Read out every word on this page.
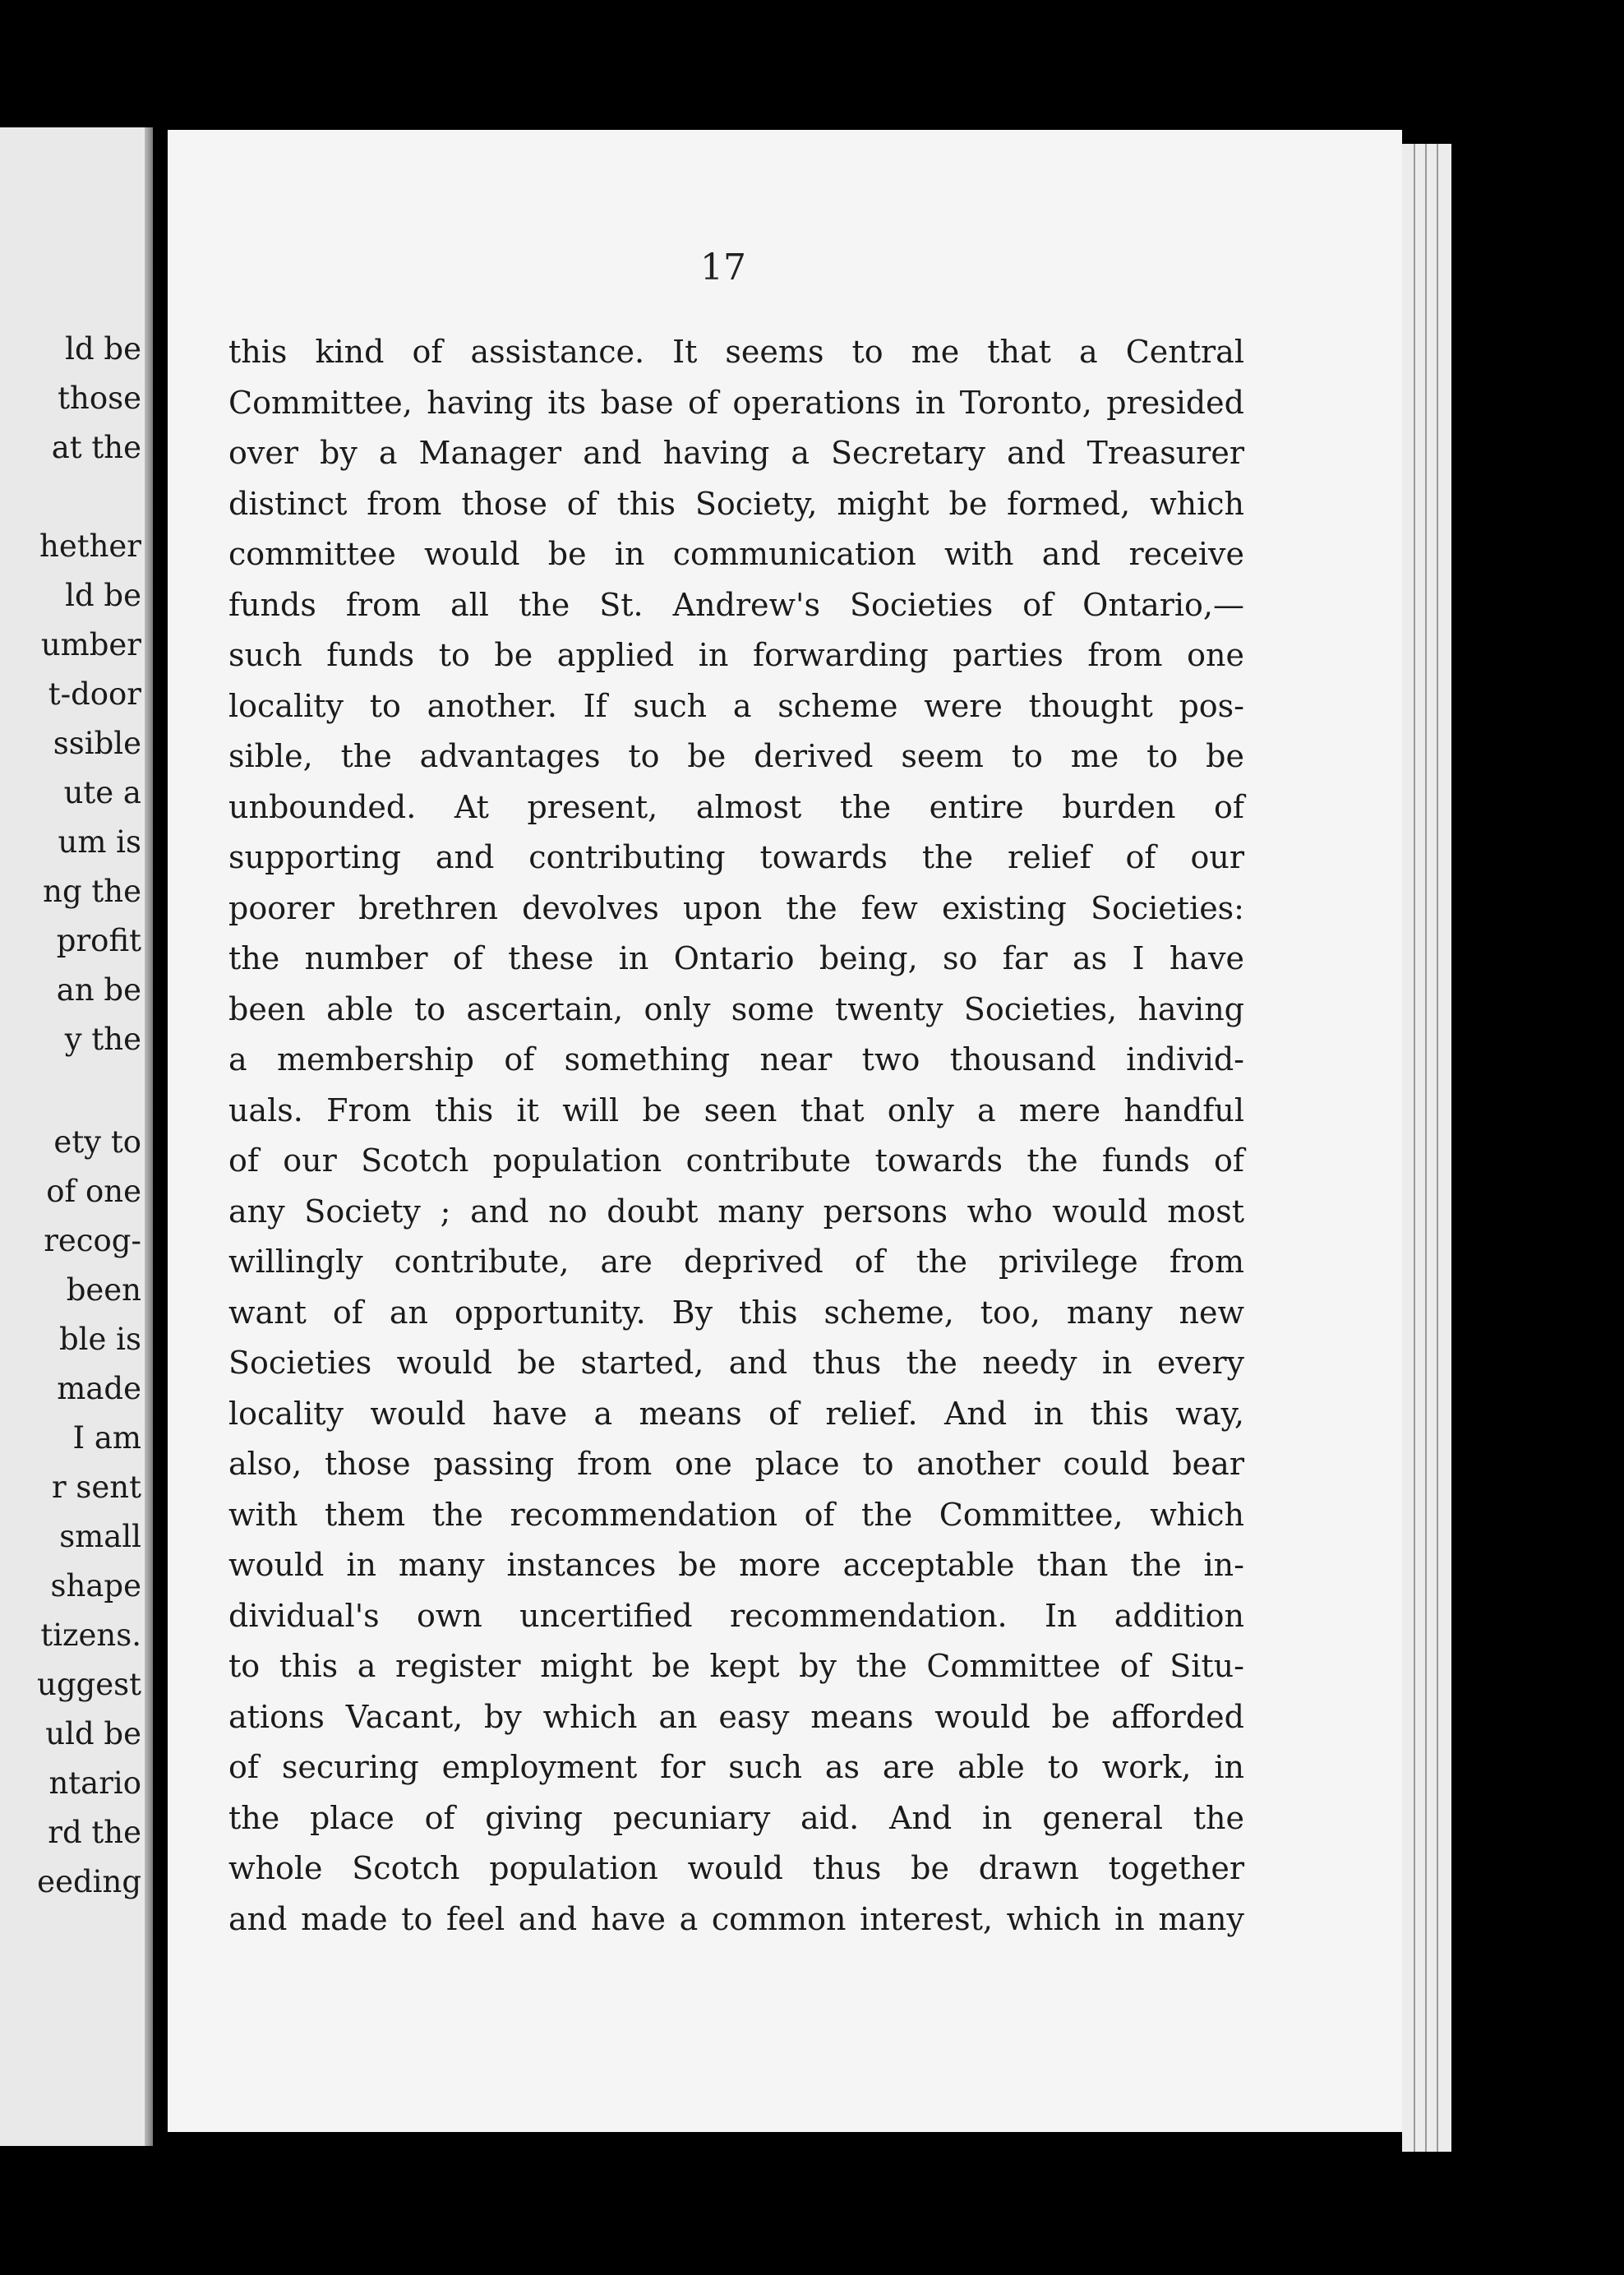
ld be
those
at the
hether
ld be
umber
t-door
ssible
ute a
um is
ng the
profit
an be
y the
ety to
of one
recog-
been
ble is
made
I am
r sent
small
shape
tizens.
uggest
uld be
ntario
rd the
eeding
17
this kind of assistance. It seems to me that a Central
Committee, having its base of operations in Toronto, presided
over by a Manager and having a Secretary and Treasurer
distinct from those of this Society, might be formed, which
committee would be in communication with and receive
funds from all the St. Andrew's Societies of Ontario,—
such funds to be applied in forwarding parties from one
locality to another. If such a scheme were thought pos-
sible, the advantages to be derived seem to me to be
unbounded. At present, almost the entire burden of
supporting and contributing towards the relief of our
poorer brethren devolves upon the few existing Societies:
the number of these in Ontario being, so far as I have
been able to ascertain, only some twenty Societies, having
a membership of something near two thousand individ-
uals. From this it will be seen that only a mere handful
of our Scotch population contribute towards the funds of
any Society ; and no doubt many persons who would most
willingly contribute, are deprived of the privilege from
want of an opportunity. By this scheme, too, many new
Societies would be started, and thus the needy in every
locality would have a means of relief. And in this way,
also, those passing from one place to another could bear
with them the recommendation of the Committee, which
would in many instances be more acceptable than the in-
dividual's own uncertified recommendation. In addition
to this a register might be kept by the Committee of Situ-
ations Vacant, by which an easy means would be afforded
of securing employment for such as are able to work, in
the place of giving pecuniary aid. And in general the
whole Scotch population would thus be drawn together
and made to feel and have a common interest, which in many
